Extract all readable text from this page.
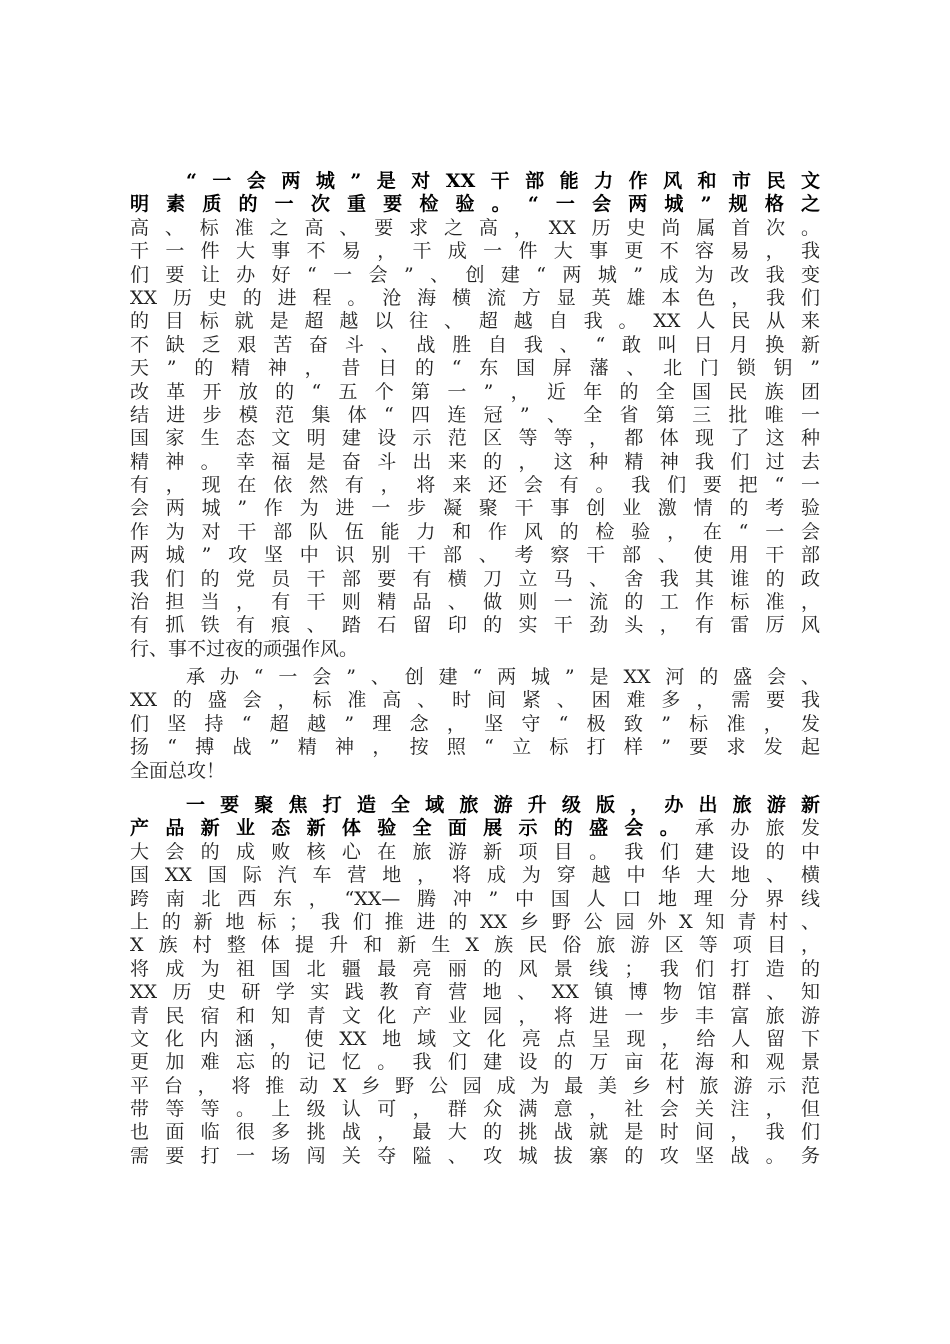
“一会两城”是对XX干部能力作风和市民文
明素质的一次重要检验。“一会两城”规格之
高、标准之高、要求之高，XX历史尚属首次。
干一件大事不易，干成一件大事更不容易，我
们要让办好“一会”、创建“两城”成为改我变
XX历史的进程。沧海横流方显英雄本色，我们
的目标就是超越以往、超越自我。XX人民从来
不缺乏艰苦奋斗、战胜自我、“敢叫日月换新
天”的精神，昔日的“东国屏藩、北门锁钥”
改革开放的“五个第一”，近年的全国民族团
结进步模范集体“四连冠”、全省第三批唯一
国家生态文明建设示范区等等，都体现了这种
精神。幸福是奋斗出来的，这种精神我们过去
有，现在依然有，将来还会有。我们要把“一
会两城”作为进一步凝聚干事创业激情的考验
作为对干部队伍能力和作风的检验，在“一会
两城”攻坚中识别干部、考察干部、使用干部
我们的党员干部要有横刀立马、舍我其谁的政
治担当，有干则精品、做则一流的工作标准，
有抓铁有痕、踏石留印的实干劲头，有雷厉风
行、事不过夜的顽强作风。
承办“一会”、创建“两城”是XX河的盛会、
XX的盛会，标准高、时间紧、困难多，需要我
们坚持“超越”理念，坚守“极致”标准，发
扬“搏战”精神，按照“立标打样”要求发起
全面总攻！
一要聚焦打造全域旅游升级版，办出旅游新
产品新业态新体验全面展示的盛会。承办旅发
大会的成败核心在旅游新项目。我们建设的中
国XX国际汽车营地，将成为穿越中华大地、横
跨南北西东，“XX—腾冲”中国人口地理分界线
上的新地标；我们推进的XX乡野公园外X知青村、
X族村整体提升和新生X族民俗旅游区等项目，
将成为祖国北疆最亮丽的风景线；我们打造的
XX历史研学实践教育营地、XX镇博物馆群、知
青民宿和知青文化产业园，将进一步丰富旅游
文化内涵，使XX地域文化亮点呈现，给人留下
更加难忘的记忆。我们建设的万亩花海和观景
平台，将推动X乡野公园成为最美乡村旅游示范
带等等。上级认可，群众满意，社会关注，但
也面临很多挑战，最大的挑战就是时间，我们
需要打一场闯关夺隘、攻城拔寨的攻坚战。务
